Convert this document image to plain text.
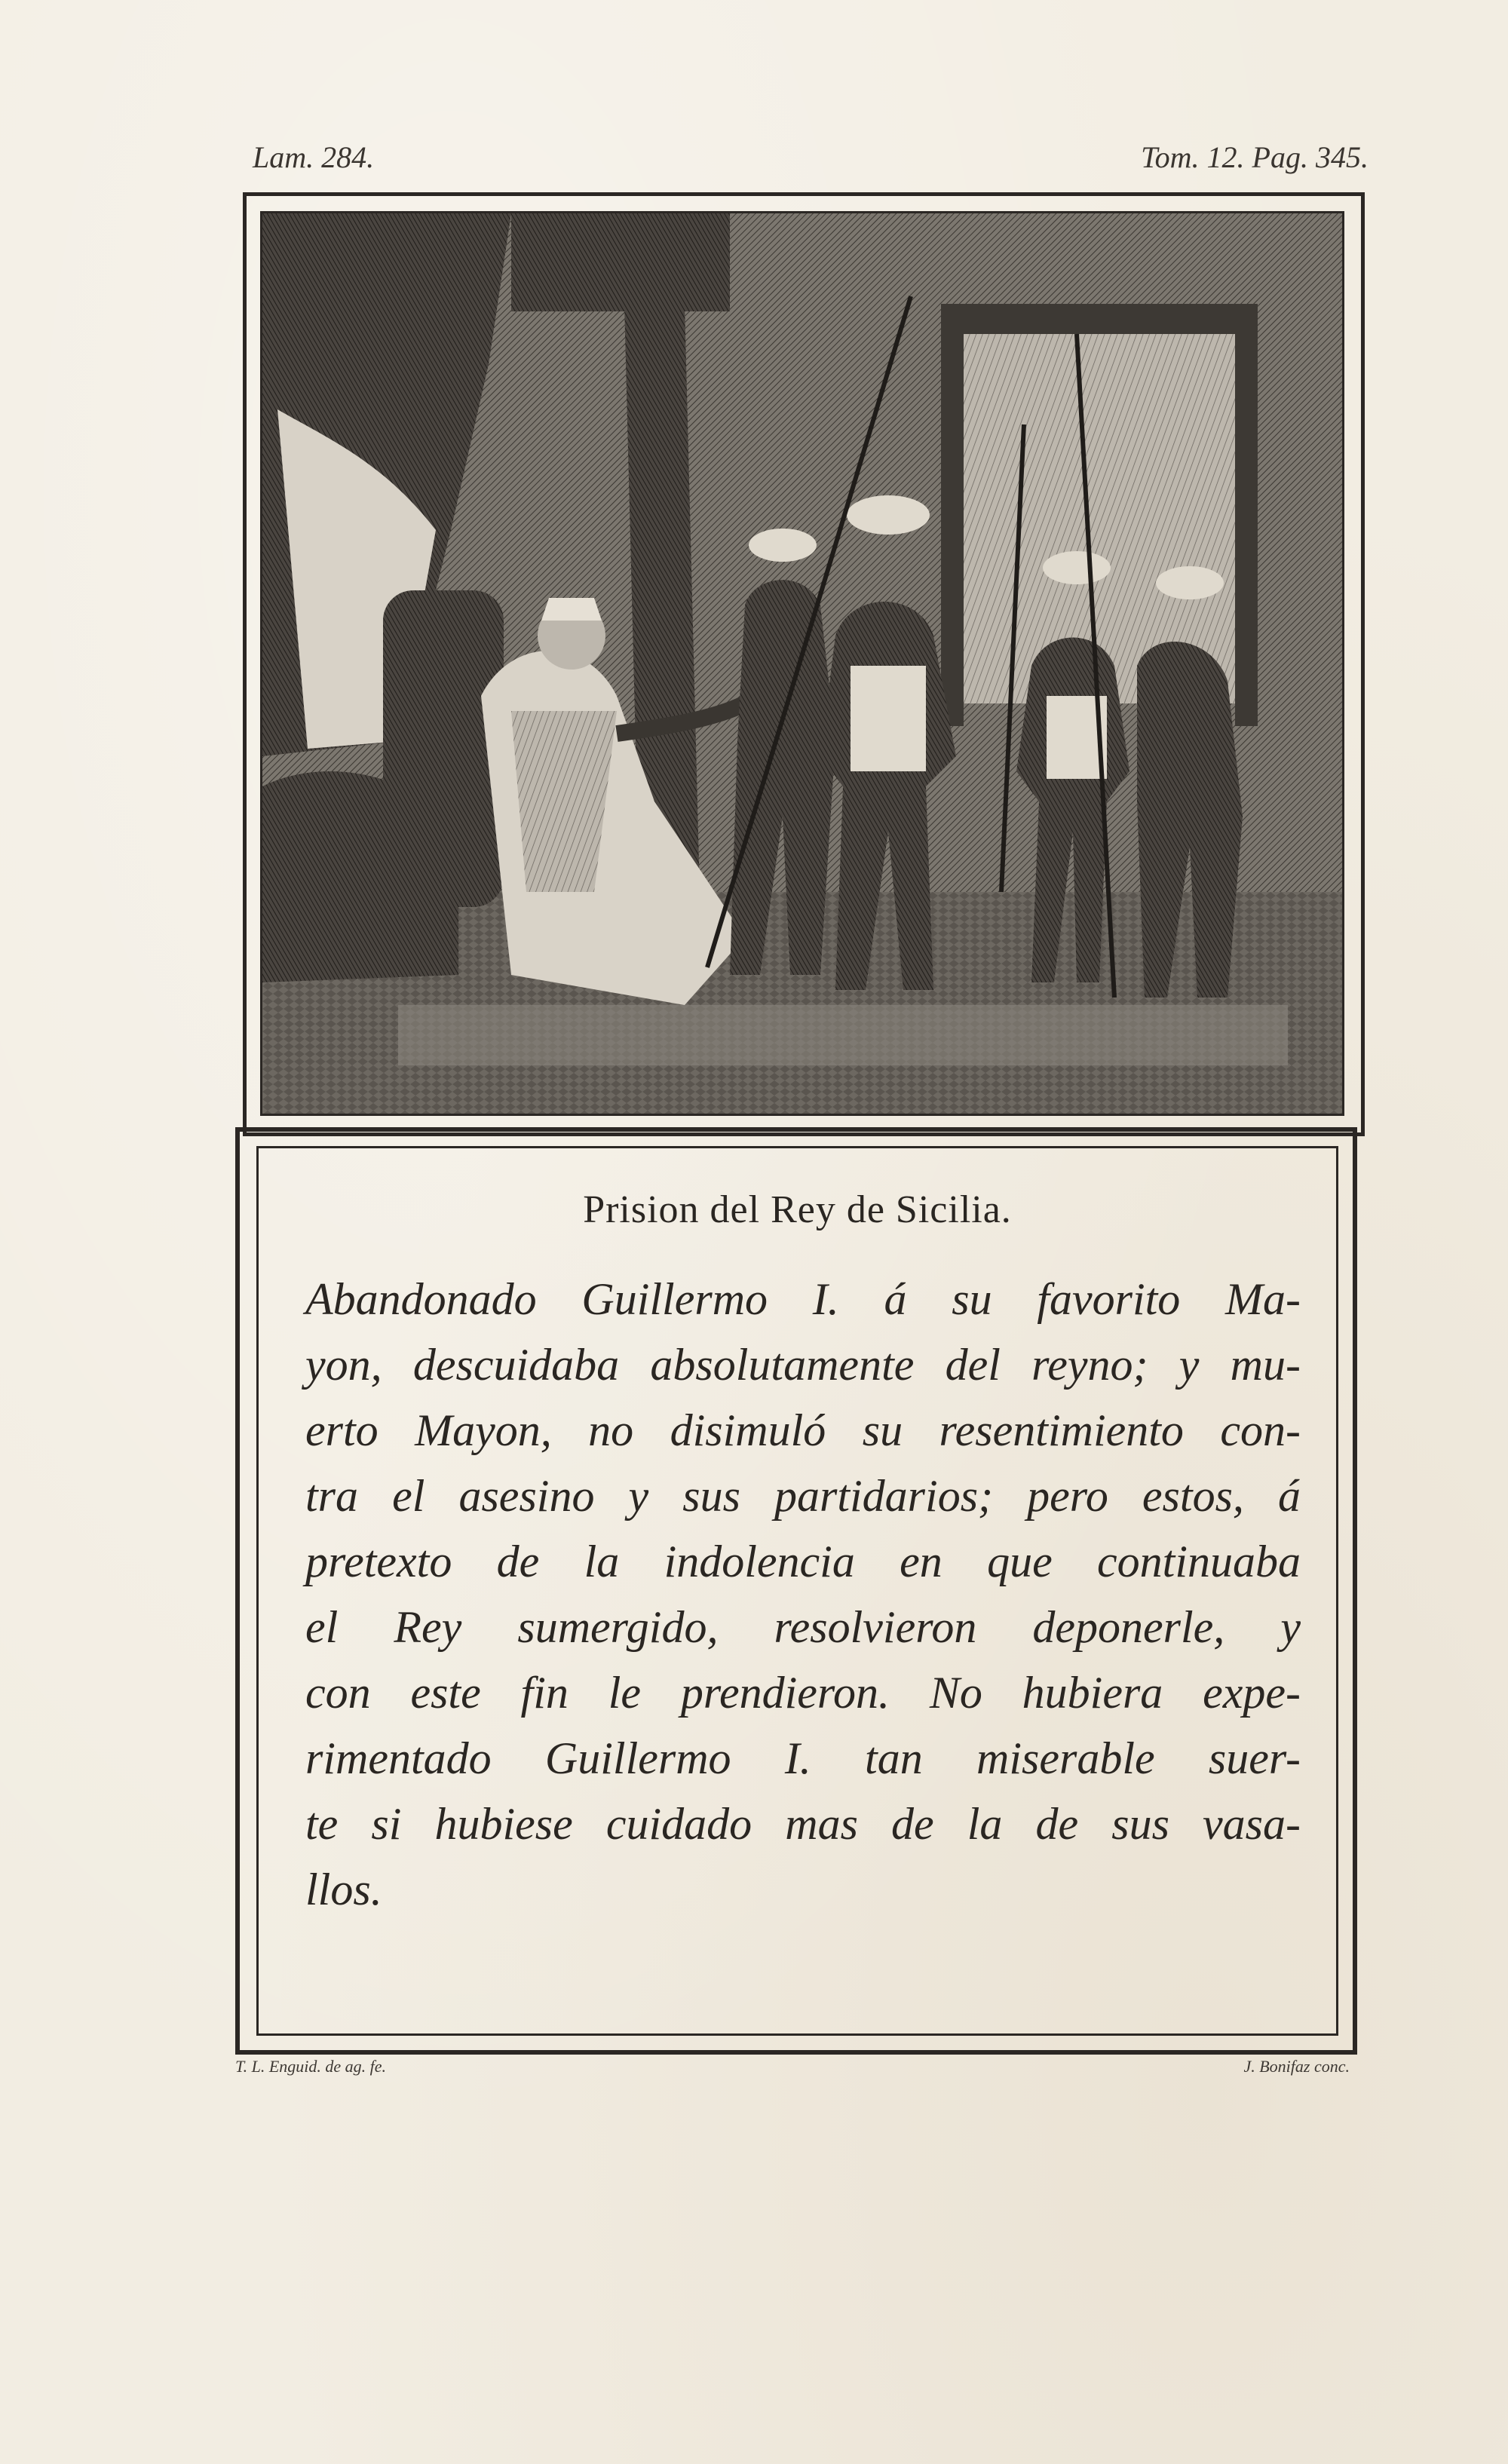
Lam. 284.	Tom. 12. Pag. 345.
Prision del Rey de Sicilia.
Abandonado Guillermo I. á su favorito Ma-
yon, descuidaba absolutamente del reyno; y mu-
erto Mayon, no disimuló su resentimiento con-
tra el asesino y sus partidarios; pero estos, á
pretexto de la indolencia en que continuaba
el Rey sumergido, resolvieron deponerle, y
con este fin le prendieron. No hubiera expe-
rimentado Guillermo I. tan miserable suer-
te si hubiese cuidado mas de la de sus vasa-
llos.
T. L. Enguid. de ag. fe.	J. Bonifaz conc.
